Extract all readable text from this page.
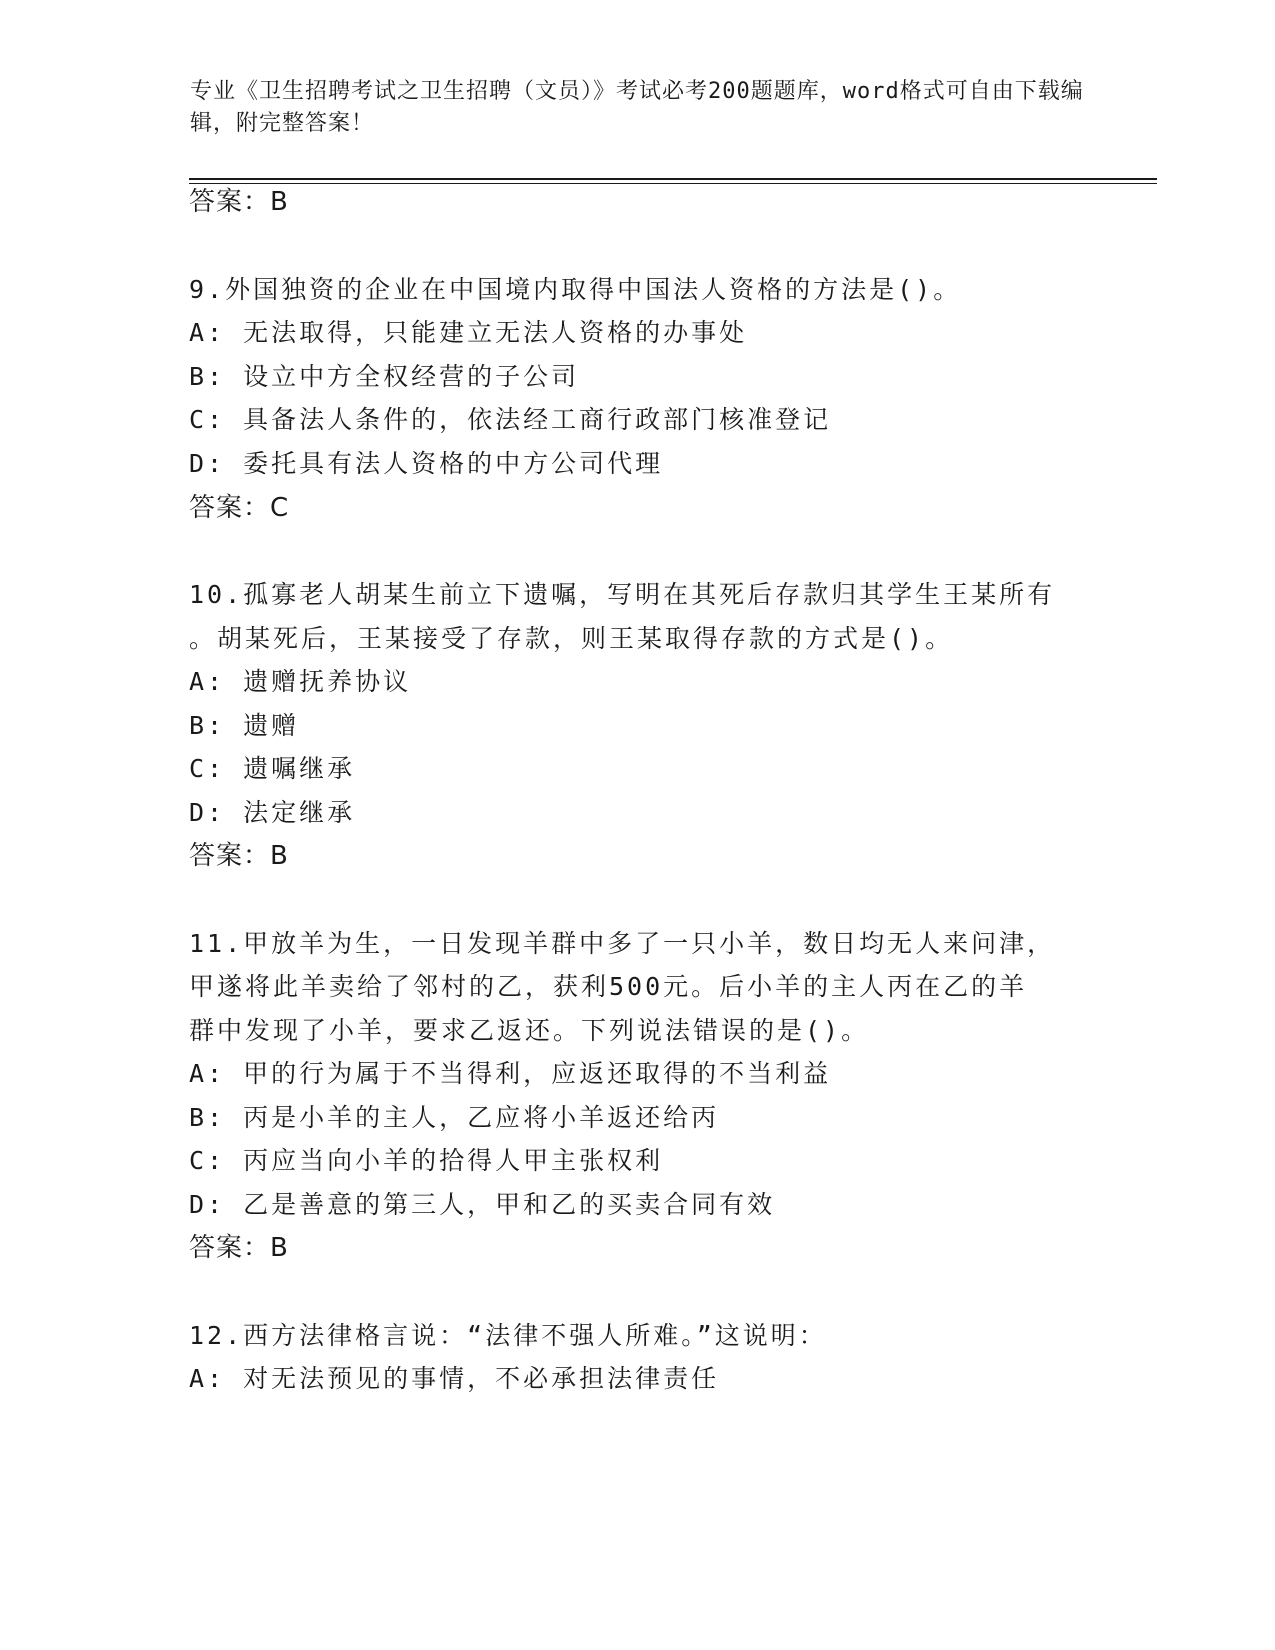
专业《卫生招聘考试之卫生招聘（文员）》考试必考200题题库，word格式可自由下载编辑，附完整答案！
答案：B
9.外国独资的企业在中国境内取得中国法人资格的方法是()。
A: 无法取得，只能建立无法人资格的办事处
B: 设立中方全权经营的子公司
C: 具备法人条件的，依法经工商行政部门核准登记
D: 委托具有法人资格的中方公司代理
答案：C
10.孤寡老人胡某生前立下遗嘱，写明在其死后存款归其学生王某所有
。胡某死后，王某接受了存款，则王某取得存款的方式是()。
A: 遗赠抚养协议
B: 遗赠
C: 遗嘱继承
D: 法定继承
答案：B
11.甲放羊为生，一日发现羊群中多了一只小羊，数日均无人来问津，
甲遂将此羊卖给了邻村的乙，获利500元。后小羊的主人丙在乙的羊
群中发现了小羊，要求乙返还。下列说法错误的是()。
A: 甲的行为属于不当得利，应返还取得的不当利益
B: 丙是小羊的主人，乙应将小羊返还给丙
C: 丙应当向小羊的拾得人甲主张权利
D: 乙是善意的第三人，甲和乙的买卖合同有效
答案：B
12.西方法律格言说：“法律不强人所难。”这说明：
A: 对无法预见的事情，不必承担法律责任
